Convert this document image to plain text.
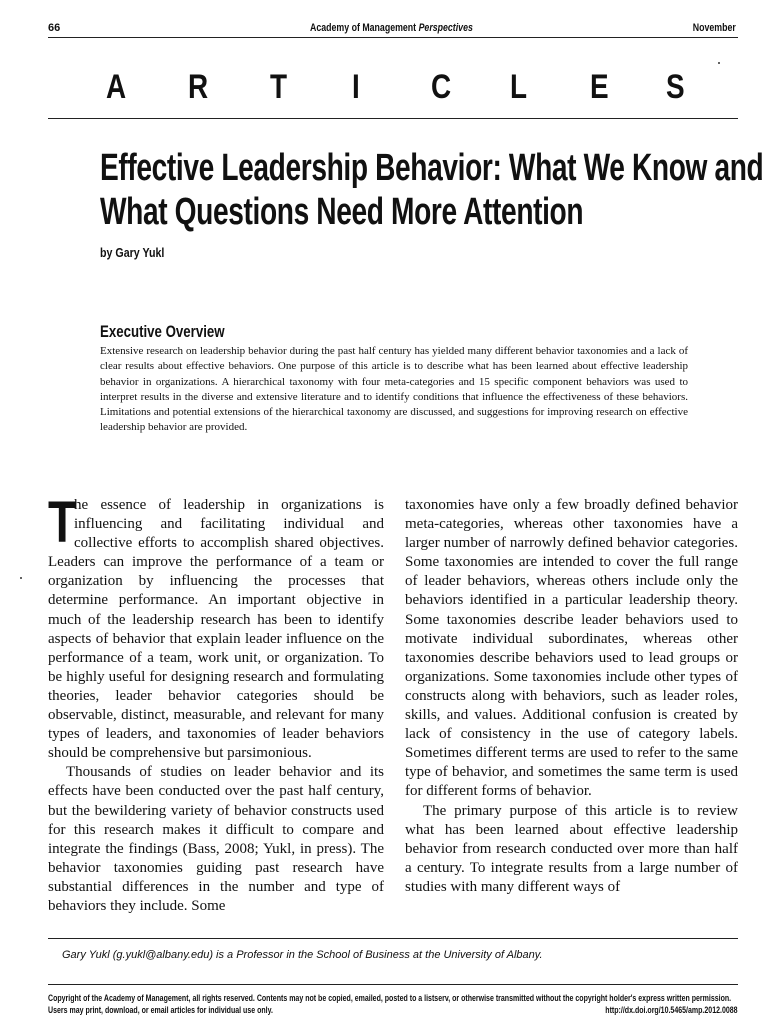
66	Academy of Management Perspectives	November
A R T I C L E S
Effective Leadership Behavior: What We Know and
What Questions Need More Attention
by Gary Yukl
Executive Overview
Extensive research on leadership behavior during the past half century has yielded many different behavior taxonomies and a lack of clear results about effective behaviors. One purpose of this article is to describe what has been learned about effective leadership behavior in organizations. A hierarchical taxonomy with four meta-categories and 15 specific component behaviors was used to interpret results in the diverse and extensive literature and to identify conditions that influence the effectiveness of these behaviors. Limitations and potential extensions of the hierarchical taxonomy are discussed, and suggestions for improving research on effective leadership behavior are provided.

T
he essence of leadership in organizations is influencing and facilitating individual and collective efforts to accomplish shared objectives. Leaders can improve the performance of a team or organization by influencing the processes that determine performance. An important objective in much of the leadership research has been to identify aspects of behavior that explain leader influence on the performance of a team, work unit, or organization. To be highly useful for designing research and formulating theories, leader behavior categories should be observable, distinct, measurable, and relevant for many types of leaders, and taxonomies of leader behaviors should be comprehensive but parsimonious.

Thousands of studies on leader behavior and its effects have been conducted over the past half century, but the bewildering variety of behavior constructs used for this research makes it difficult to compare and integrate the findings (Bass, 2008; Yukl, in press). The behavior taxonomies guiding past research have substantial differences in the number and type of behaviors they include. Some

taxonomies have only a few broadly defined behavior meta-categories, whereas other taxonomies have a larger number of narrowly defined behavior categories. Some taxonomies are intended to cover the full range of leader behaviors, whereas others include only the behaviors identified in a particular leadership theory. Some taxonomies describe leader behaviors used to motivate individual subordinates, whereas other taxonomies describe behaviors used to lead groups or organizations. Some taxonomies include other types of constructs along with behaviors, such as leader roles, skills, and values. Additional confusion is created by lack of consistency in the use of category labels. Sometimes different terms are used to refer to the same type of behavior, and sometimes the same term is used for different forms of behavior.

The primary purpose of this article is to review what has been learned about effective leadership behavior from research conducted over more than half a century. To integrate results from a large number of studies with many different ways of

Gary Yukl (g.yukl@albany.edu) is a Professor in the School of Business at the University of Albany.
Copyright of the Academy of Management, all rights reserved. Contents may not be copied, emailed, posted to a listserv, or otherwise transmitted without the copyright holder's express written permission.
Users may print, download, or email articles for individual use only.	http://dx.doi.org/10.5465/amp.2012.0088
